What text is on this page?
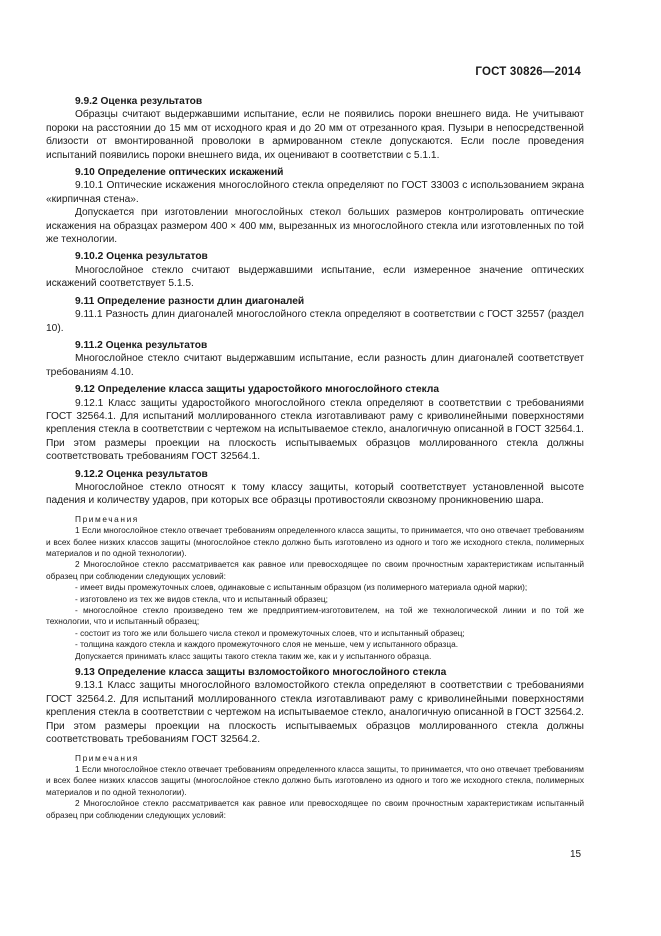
ГОСТ 30826—2014

9.9.2 Оценка результатов

Образцы считают выдержавшими испытание, если не появились пороки внешнего вида. Не учитывают пороки на расстоянии до 15 мм от исходного края и до 20 мм от отрезанного края. Пузыри в непосредственной близости от вмонтированной проволоки в армированном стекле допускаются. Если после проведения испытаний появились пороки внешнего вида, их оценивают в соответствии с 5.1.1.

9.10 Определение оптических искажений

9.10.1 Оптические искажения многослойного стекла определяют по ГОСТ 33003 с использованием экрана «кирпичная стена».

Допускается при изготовлении многослойных стекол больших размеров контролировать оптические искажения на образцах размером 400 × 400 мм, вырезанных из многослойного стекла или изготовленных по той же технологии.

9.10.2 Оценка результатов

Многослойное стекло считают выдержавшими испытание, если измеренное значение оптических искажений соответствует 5.1.5.

9.11 Определение разности длин диагоналей

9.11.1 Разность длин диагоналей многослойного стекла определяют в соответствии с ГОСТ 32557 (раздел 10).

9.11.2 Оценка результатов

Многослойное стекло считают выдержавшим испытание, если разность длин диагоналей соответствует требованиям 4.10.

9.12 Определение класса защиты ударостойкого многослойного стекла

9.12.1 Класс защиты ударостойкого многослойного стекла определяют в соответствии с требованиями ГОСТ 32564.1. Для испытаний моллированного стекла изготавливают раму с криволинейными поверхностями крепления стекла в соответствии с чертежом на испытываемое стекло, аналогичную описанной в ГОСТ 32564.1. При этом размеры проекции на плоскость испытываемых образцов моллированного стекла должны соответствовать требованиям ГОСТ 32564.1.

9.12.2 Оценка результатов

Многослойное стекло относят к тому классу защиты, который соответствует установленной высоте падения и количеству ударов, при которых все образцы противостояли сквозному проникновению шара.

Примечания

1 Если многослойное стекло отвечает требованиям определенного класса защиты, то принимается, что оно отвечает требованиям и всех более низких классов защиты (многослойное стекло должно быть изготовлено из одного и того же исходного стекла, полимерных материалов и по одной технологии).

2 Многослойное стекло рассматривается как равное или превосходящее по своим прочностным характеристикам испытанный образец при соблюдении следующих условий:

- имеет виды промежуточных слоев, одинаковые с испытанным образцом (из полимерного материала одной марки);

- изготовлено из тех же видов стекла, что и испытанный образец;

- многослойное стекло произведено тем же предприятием-изготовителем, на той же технологической линии и по той же технологии, что и испытанный образец;

- состоит из того же или большего числа стекол и промежуточных слоев, что и испытанный образец;

- толщина каждого стекла и каждого промежуточного слоя не меньше, чем у испытанного образца.

Допускается принимать класс защиты такого стекла таким же, как и у испытанного образца.

9.13 Определение класса защиты взломостойкого многослойного стекла

9.13.1 Класс защиты многослойного взломостойкого стекла определяют в соответствии с требованиями ГОСТ 32564.2. Для испытаний моллированного стекла изготавливают раму с криволинейными поверхностями крепления стекла в соответствии с чертежом на испытываемое стекло, аналогичную описанной в ГОСТ 32564.2. При этом размеры проекции на плоскость испытываемых образцов моллированного стекла должны соответствовать требованиям ГОСТ 32564.2.

Примечания

1 Если многослойное стекло отвечает требованиям определенного класса защиты, то принимается, что оно отвечает требованиям и всех более низких классов защиты (многослойное стекло должно быть изготовлено из одного и того же исходного стекла, полимерных материалов и по одной технологии).

2 Многослойное стекло рассматривается как равное или превосходящее по своим прочностным характеристикам испытанный образец при соблюдении следующих условий:

15
